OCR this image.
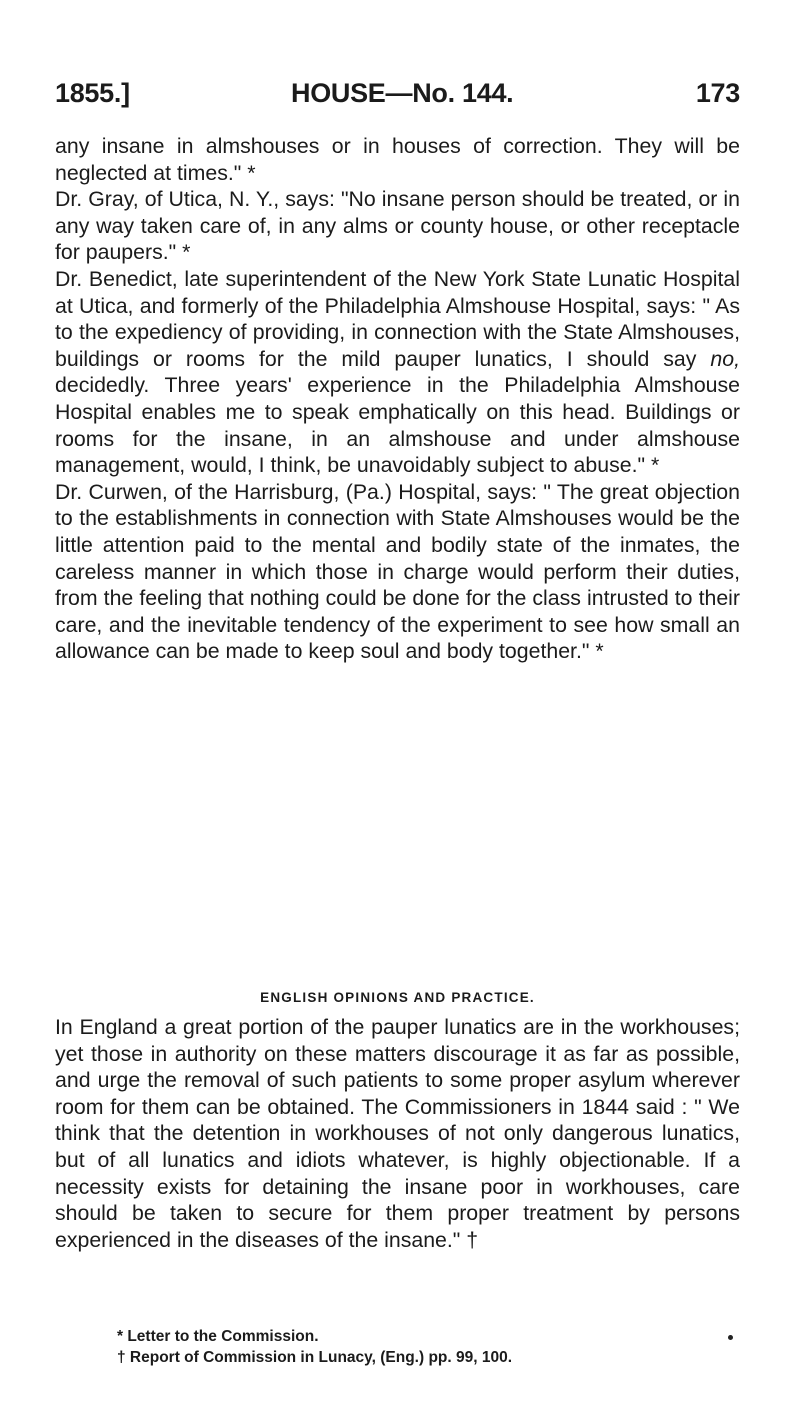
1855.]	HOUSE—No. 144.	173

any insane in almshouses or in houses of correction. They will be neglected at times." *

Dr. Gray, of Utica, N. Y., says: "No insane person should be treated, or in any way taken care of, in any alms or county house, or other receptacle for paupers." *

Dr. Benedict, late superintendent of the New York State Lunatic Hospital at Utica, and formerly of the Philadelphia Almshouse Hospital, says: " As to the expediency of providing, in connection with the State Almshouses, buildings or rooms for the mild pauper lunatics, I should say no, decidedly. Three years' experience in the Philadelphia Almshouse Hospital enables me to speak emphatically on this head. Buildings or rooms for the insane, in an almshouse and under almshouse management, would, I think, be unavoidably subject to abuse." *

Dr. Curwen, of the Harrisburg, (Pa.) Hospital, says: " The great objection to the establishments in connection with State Almshouses would be the little attention paid to the mental and bodily state of the inmates, the careless manner in which those in charge would perform their duties, from the feeling that nothing could be done for the class intrusted to their care, and the inevitable tendency of the experiment to see how small an allowance can be made to keep soul and body together." *

ENGLISH OPINIONS AND PRACTICE.

In England a great portion of the pauper lunatics are in the workhouses; yet those in authority on these matters discourage it as far as possible, and urge the removal of such patients to some proper asylum wherever room for them can be obtained. The Commissioners in 1844 said : " We think that the detention in workhouses of not only dangerous lunatics, but of all lunatics and idiots whatever, is highly objectionable. If a necessity exists for detaining the insane poor in workhouses, care should be taken to secure for them proper treatment by persons experienced in the diseases of the insane." †

* Letter to the Commission.
† Report of Commission in Lunacy, (Eng.) pp. 99, 100.
